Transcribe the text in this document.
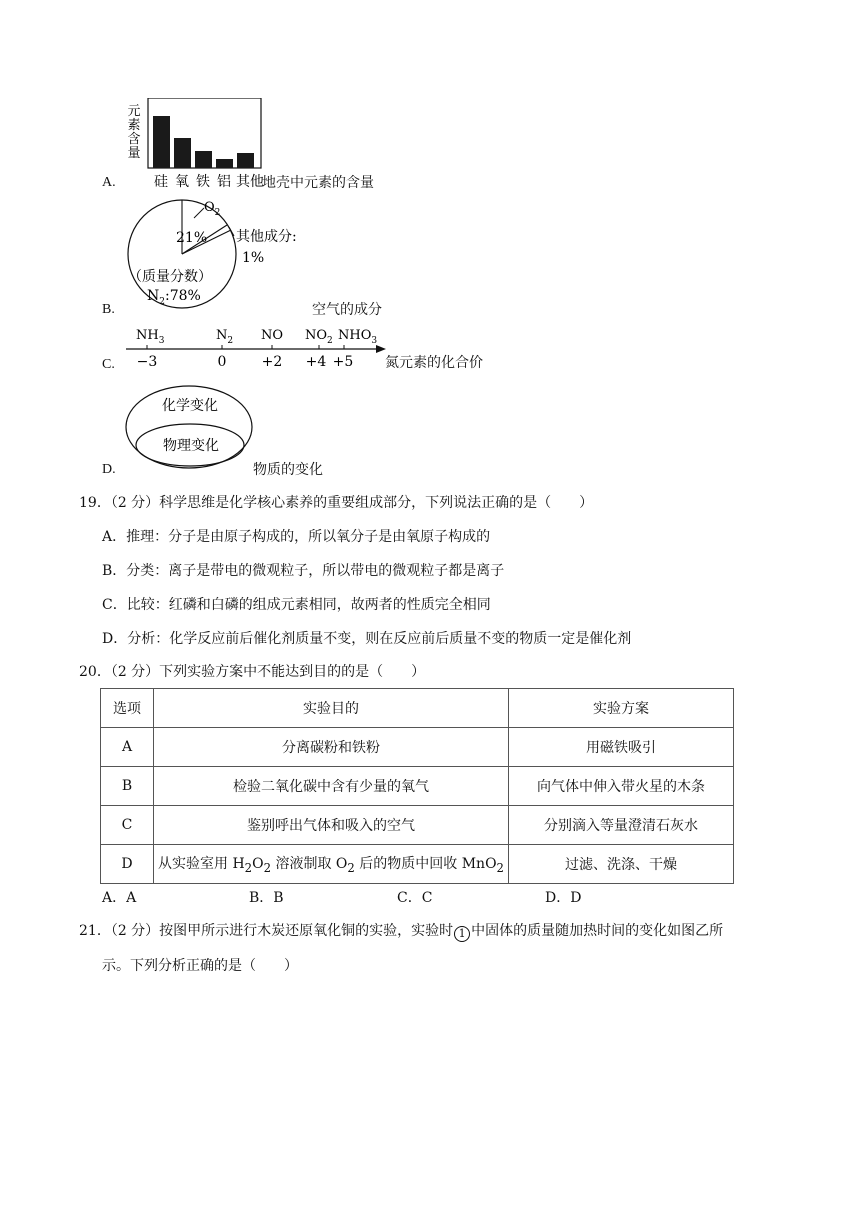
A.
元
素
含
量
硅 氧 铁 铝 其他
地壳中元素的含量
B.
$O_2$
21% 其他成分:
1%
（质量分数）
$N_2:78\%$
空气的成分
C.
$NH_3$	$N_2$ NO $NO_2$ $NHO_3$
−3	0	+2 +4 +5 氮元素的化合价
D.
化学变化
物理变化
物质的变化
19．（2 分）科学思维是化学核心素养的重要组成部分，下列说法正确的是（　　）
A．推理：分子是由原子构成的，所以氧分子是由氧原子构成的
B．分类：离子是带电的微观粒子，所以带电的微观粒子都是离子
C．比较：红磷和白磷的组成元素相同，故两者的性质完全相同
D．分析：化学反应前后催化剂质量不变，则在反应前后质量不变的物质一定是催化剂
20．（2 分）下列实验方案中不能达到目的的是（　　）
选项	实验目的	实验方案
A	分离碳粉和铁粉	用磁铁吸引
B	检验二氧化碳中含有少量的氧气	向气体中伸入带火星的木条
C	鉴别呼出气体和吸入的空气	分别滴入等量澄清石灰水
D	从实验室用 $H_2O_2$ 溶液制取 $O_2$ 后的物质中回收 MnO$_2$	过滤、洗涤、干燥
A．A	B．B	C．C	D．D
21．（2 分）按图甲所示进行木炭还原氧化铜的实验，实验时 1 中固体的质量随加热时间的变化如图乙所
示。下列分析正确的是（　　）
